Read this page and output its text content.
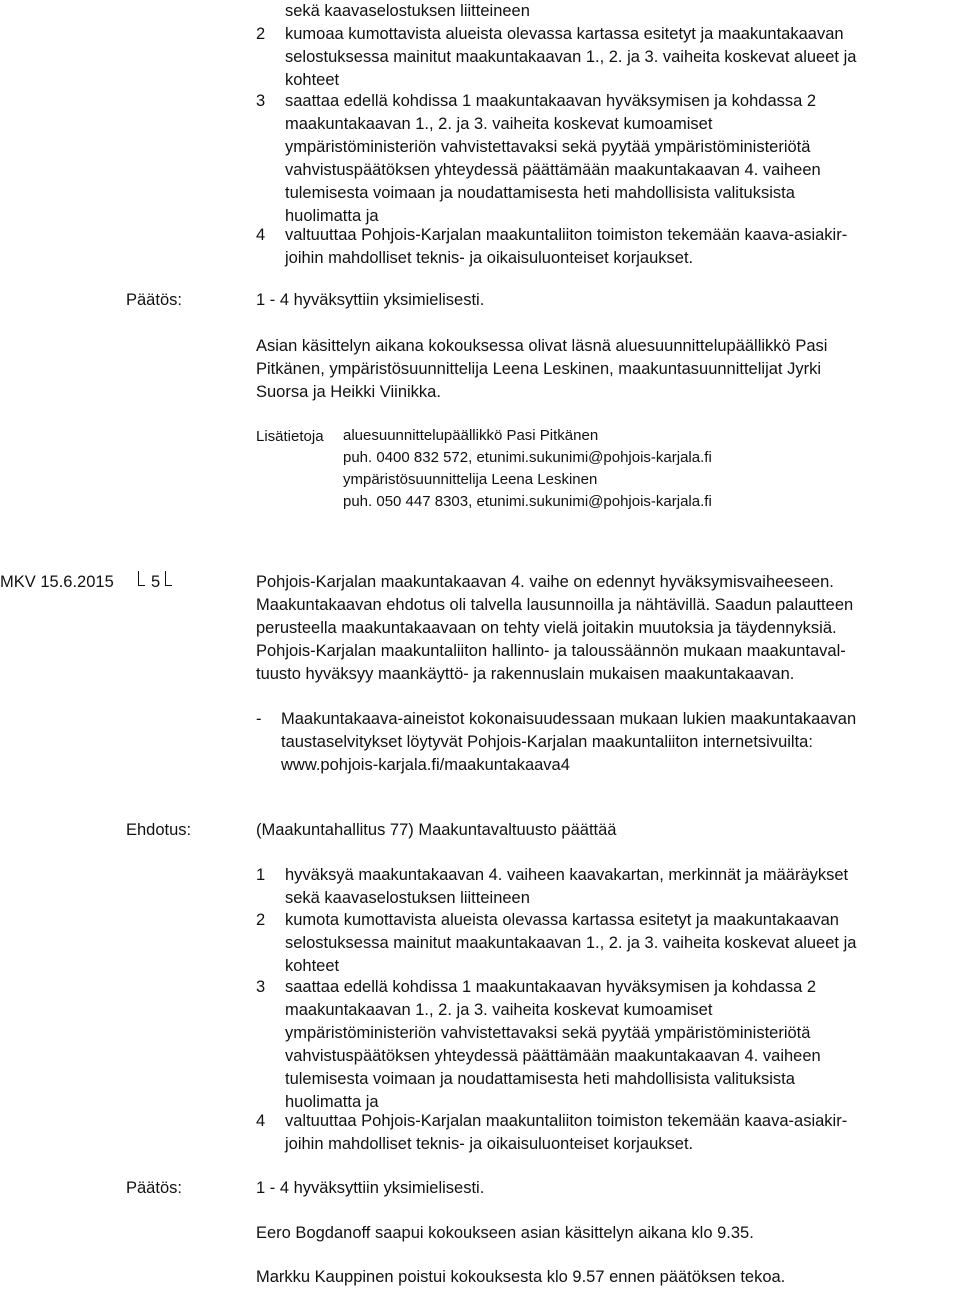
sekä kaavaselostuksen liitteineen
2	kumoaa kumottavista alueista olevassa kartassa esitetyt ja maakuntakaavan
selostuksessa mainitut maakuntakaavan 1., 2. ja 3. vaiheita koskevat alueet ja
kohteet
3	saattaa edellä kohdissa 1 maakuntakaavan hyväksymisen ja kohdassa 2
maakuntakaavan 1., 2. ja 3. vaiheita koskevat kumoamiset
ympäristöministeriön vahvistettavaksi sekä pyytää ympäristöministeriötä
vahvistuspäätöksen yhteydessä päättämään maakuntakaavan 4. vaiheen
tulemisesta voimaan ja noudattamisesta heti mahdollisista valituksista
huolimatta ja
4	valtuuttaa Pohjois-Karjalan maakuntaliiton toimiston tekemään kaava-asiakir-
joihin mahdolliset teknis- ja oikaisuluonteiset korjaukset.
Päätös:	1 - 4 hyväksyttiin yksimielisesti.
Asian käsittelyn aikana kokouksessa olivat läsnä aluesuunnittelupäällikkö Pasi
Pitkänen, ympäristösuunnittelija Leena Leskinen, maakuntasuunnittelijat Jyrki
Suorsa ja Heikki Viinikka.
Lisätietoja aluesuunnittelupäällikkö Pasi Pitkänen
puh. 0400 832 572, etunimi.sukunimi@pohjois-karjala.fi
ympäristösuunnittelija Leena Leskinen
puh. 050 447 8303, etunimi.sukunimi@pohjois-karjala.fi
MKV 15.6.2015 5	Pohjois-Karjalan maakuntakaavan 4. vaihe on edennyt hyväksymisvaiheeseen.
Maakuntakaavan ehdotus oli talvella lausunnoilla ja nähtävillä. Saadun palautteen
perusteella maakuntakaavaan on tehty vielä joitakin muutoksia ja täydennyksiä.
Pohjois-Karjalan maakuntaliiton hallinto- ja taloussäännön mukaan maakuntaval-
tuusto hyväksyy maankäyttö- ja rakennuslain mukaisen maakuntakaavan.
- Maakuntakaava-aineistot kokonaisuudessaan mukaan lukien maakuntakaavan
taustaselvitykset löytyvät Pohjois-Karjalan maakuntaliiton internetsivuilta:
www.pohjois-karjala.fi/maakuntakaava4
Ehdotus:	(Maakuntahallitus 77) Maakuntavaltuusto päättää
1	hyväksyä maakuntakaavan 4. vaiheen kaavakartan, merkinnät ja määräykset
sekä kaavaselostuksen liitteineen
2	kumota kumottavista alueista olevassa kartassa esitetyt ja maakuntakaavan
selostuksessa mainitut maakuntakaavan 1., 2. ja 3. vaiheita koskevat alueet ja
kohteet
3	saattaa edellä kohdissa 1 maakuntakaavan hyväksymisen ja kohdassa 2
maakuntakaavan 1., 2. ja 3. vaiheita koskevat kumoamiset
ympäristöministeriön vahvistettavaksi sekä pyytää ympäristöministeriötä
vahvistuspäätöksen yhteydessä päättämään maakuntakaavan 4. vaiheen
tulemisesta voimaan ja noudattamisesta heti mahdollisista valituksista
huolimatta ja
4	valtuuttaa Pohjois-Karjalan maakuntaliiton toimiston tekemään kaava-asiakir-
joihin mahdolliset teknis- ja oikaisuluonteiset korjaukset.
Päätös:	1 - 4 hyväksyttiin yksimielisesti.
Eero Bogdanoff saapui kokoukseen asian käsittelyn aikana klo 9.35.
Markku Kauppinen poistui kokouksesta klo 9.57 ennen päätöksen tekoa.
